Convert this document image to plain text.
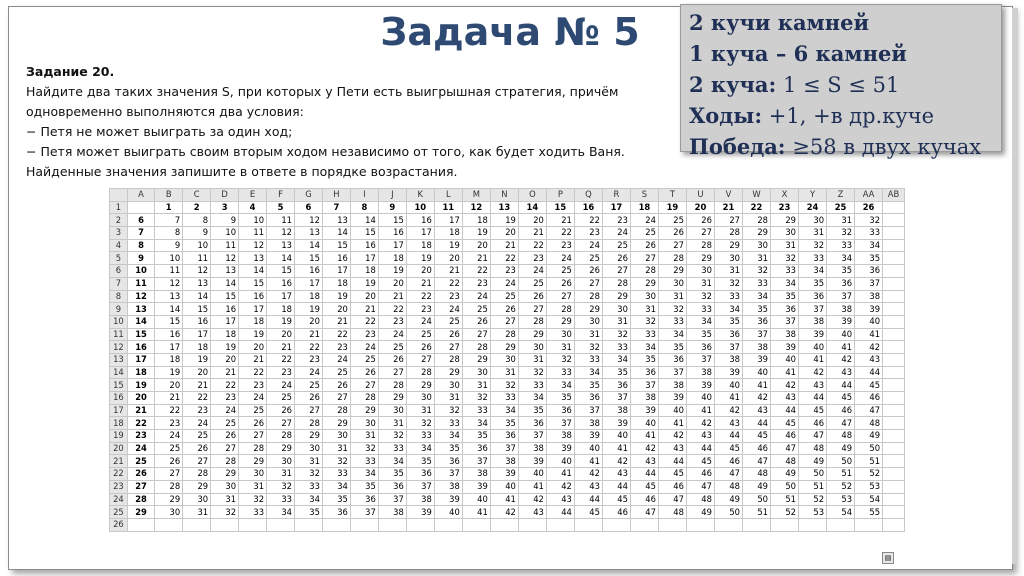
Задача № 5	2 кучи камней
1 куча – 6 камней
2 куча: 1 ≤ S ≤ 51
Ходы: +1, +в др.куче
Победа: ≥58 в двух кучах
Задание 20.
Найдите два таких значения S, при которых у Пети есть выигрышная стратегия, причём
одновременно выполняются два условия:
− Петя не может выиграть за один ход;
− Петя может выиграть своим вторым ходом независимо от того, как будет ходить Ваня.
Найденные значения запишите в ответе в порядке возрастания.
	A	B	C	D	E	F	G	H	I	J	K	L	M	N	O	P	Q	R	S	T	U	V	W	X	Y	Z	AA	AB
1		1	2	3	4	5	6	7	8	9	10	11	12	13	14	15	16	17	18	19	20	21	22	23	24	25	26	
2	6	7	8	9	10	11	12	13	14	15	16	17	18	19	20	21	22	23	24	25	26	27	28	29	30	31	32	
3	7	8	9	10	11	12	13	14	15	16	17	18	19	20	21	22	23	24	25	26	27	28	29	30	31	32	33	
4	8	9	10	11	12	13	14	15	16	17	18	19	20	21	22	23	24	25	26	27	28	29	30	31	32	33	34	
5	9	10	11	12	13	14	15	16	17	18	19	20	21	22	23	24	25	26	27	28	29	30	31	32	33	34	35	
6	10	11	12	13	14	15	16	17	18	19	20	21	22	23	24	25	26	27	28	29	30	31	32	33	34	35	36	
7	11	12	13	14	15	16	17	18	19	20	21	22	23	24	25	26	27	28	29	30	31	32	33	34	35	36	37	
8	12	13	14	15	16	17	18	19	20	21	22	23	24	25	26	27	28	29	30	31	32	33	34	35	36	37	38	
9	13	14	15	16	17	18	19	20	21	22	23	24	25	26	27	28	29	30	31	32	33	34	35	36	37	38	39	
10	14	15	16	17	18	19	20	21	22	23	24	25	26	27	28	29	30	31	32	33	34	35	36	37	38	39	40	
11	15	16	17	18	19	20	21	22	23	24	25	26	27	28	29	30	31	32	33	34	35	36	37	38	39	40	41	
12	16	17	18	19	20	21	22	23	24	25	26	27	28	29	30	31	32	33	34	35	36	37	38	39	40	41	42	
13	17	18	19	20	21	22	23	24	25	26	27	28	29	30	31	32	33	34	35	36	37	38	39	40	41	42	43	
14	18	19	20	21	22	23	24	25	26	27	28	29	30	31	32	33	34	35	36	37	38	39	40	41	42	43	44	
15	19	20	21	22	23	24	25	26	27	28	29	30	31	32	33	34	35	36	37	38	39	40	41	42	43	44	45	
16	20	21	22	23	24	25	26	27	28	29	30	31	32	33	34	35	36	37	38	39	40	41	42	43	44	45	46	
17	21	22	23	24	25	26	27	28	29	30	31	32	33	34	35	36	37	38	39	40	41	42	43	44	45	46	47	
18	22	23	24	25	26	27	28	29	30	31	32	33	34	35	36	37	38	39	40	41	42	43	44	45	46	47	48	
19	23	24	25	26	27	28	29	30	31	32	33	34	35	36	37	38	39	40	41	42	43	44	45	46	47	48	49	
20	24	25	26	27	28	29	30	31	32	33	34	35	36	37	38	39	40	41	42	43	44	45	46	47	48	49	50	
21	25	26	27	28	29	30	31	32	33	34	35	36	37	38	39	40	41	42	43	44	45	46	47	48	49	50	51	
22	26	27	28	29	30	31	32	33	34	35	36	37	38	39	40	41	42	43	44	45	46	47	48	49	50	51	52	
23	27	28	29	30	31	32	33	34	35	36	37	38	39	40	41	42	43	44	45	46	47	48	49	50	51	52	53	
24	28	29	30	31	32	33	34	35	36	37	38	39	40	41	42	43	44	45	46	47	48	49	50	51	52	53	54	
25	29	30	31	32	33	34	35	36	37	38	39	40	41	42	43	44	45	46	47	48	49	50	51	52	53	54	55	
26																												
▤
